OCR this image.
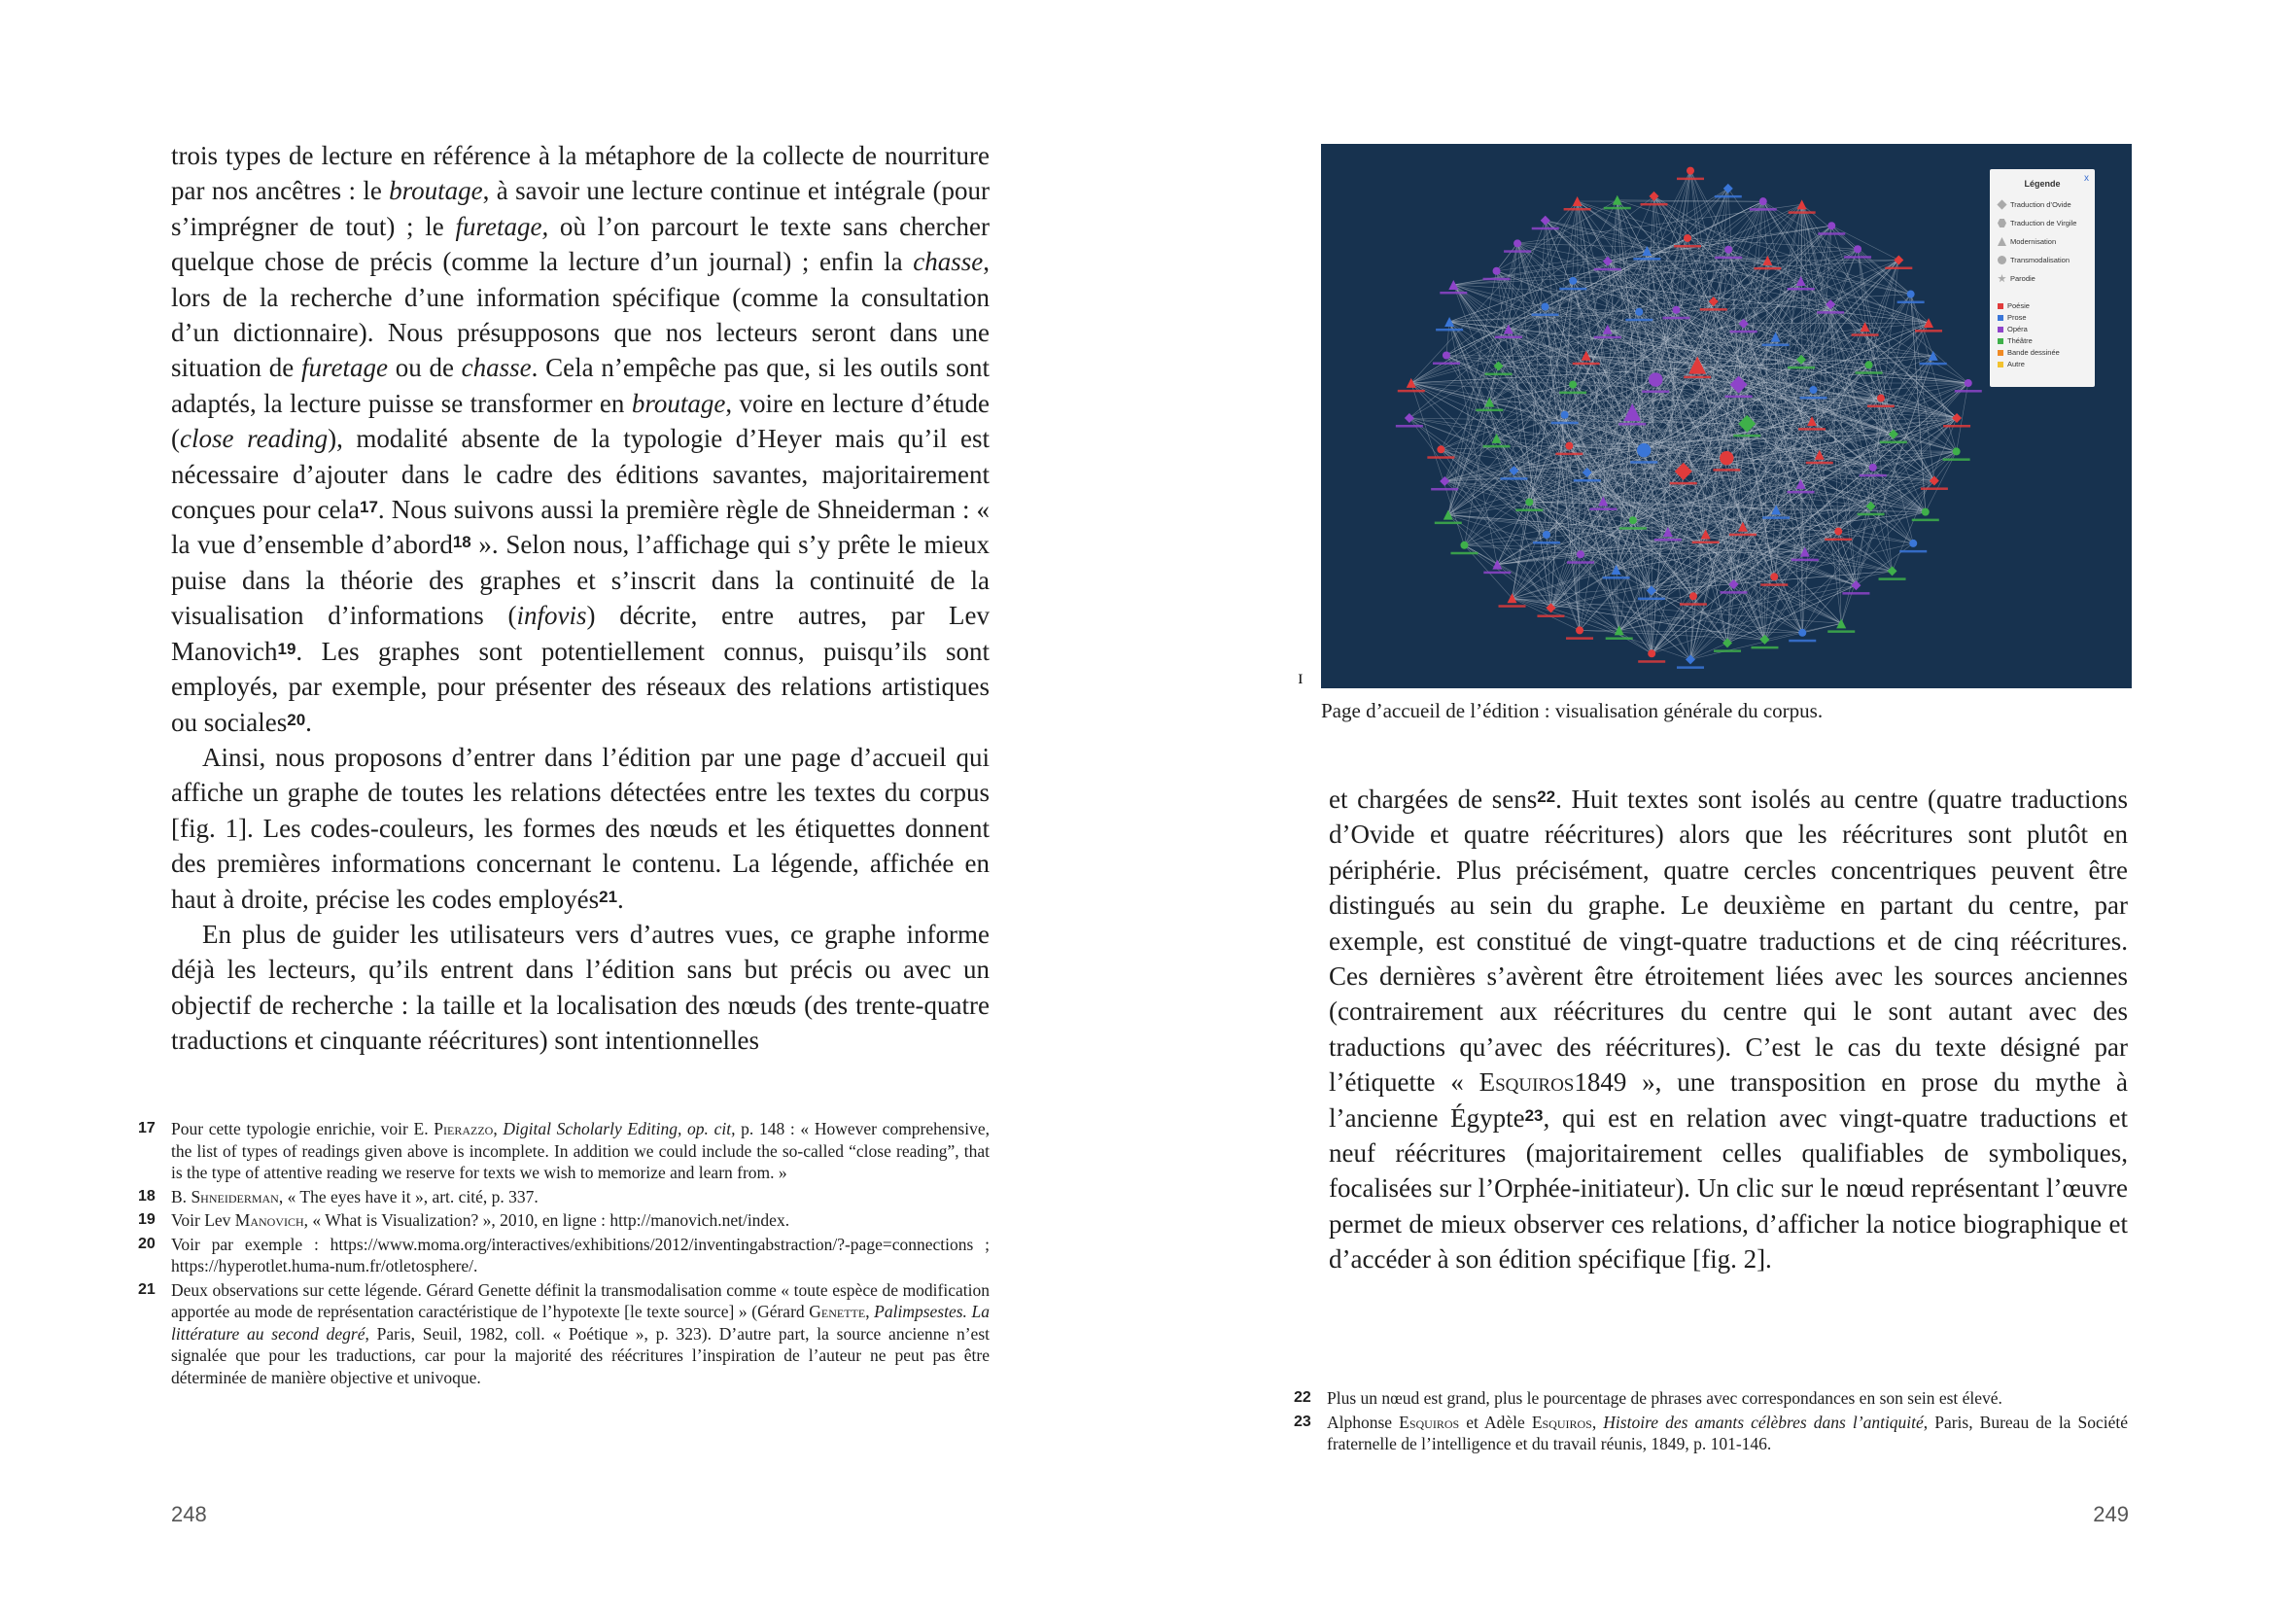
trois types de lecture en référence à la métaphore de la collecte de nourriture par nos ancêtres : le broutage, à savoir une lecture continue et intégrale (pour s’imprégner de tout) ; le furetage, où l’on parcourt le texte sans chercher quelque chose de précis (comme la lecture d’un journal) ; enfin la chasse, lors de la recherche d’une information spécifique (comme la consultation d’un dictionnaire). Nous présupposons que nos lecteurs seront dans une situation de furetage ou de chasse. Cela n’empêche pas que, si les outils sont adaptés, la lecture puisse se transformer en broutage, voire en lecture d’étude (close reading), modalité absente de la typologie d’Heyer mais qu’il est nécessaire d’ajouter dans le cadre des éditions savantes, majoritairement conçues pour cela$^{17}$. Nous suivons aussi la première règle de Shneiderman : « la vue d’ensemble d’abord$^{18}$ ». Selon nous, l’affichage qui s’y prête le mieux puise dans la théorie des graphes et s’inscrit dans la continuité de la visualisation d’informations (infovis) décrite, entre autres, par Lev Manovich$^{19}$. Les graphes sont potentiellement connus, puisqu’ils sont employés, par exemple, pour présenter des réseaux des relations artistiques ou sociales$^{20}$.

Ainsi, nous proposons d’entrer dans l’édition par une page d’accueil qui affiche un graphe de toutes les relations détectées entre les textes du corpus [fig. 1]. Les codes-couleurs, les formes des nœuds et les étiquettes donnent des premières informations concernant le contenu. La légende, affichée en haut à droite, précise les codes employés$^{21}$.

En plus de guider les utilisateurs vers d’autres vues, ce graphe informe déjà les lecteurs, qu’ils entrent dans l’édition sans but précis ou avec un objectif de recherche : la taille et la localisation des nœuds (des trente-quatre traductions et cinquante réécritures) sont intentionnelles

17 Pour cette typologie enrichie, voir E. Pierazzo, Digital Scholarly Editing, op. cit, p. 148 : « However comprehensive, the list of types of readings given above is incomplete. In addition we could include the so-called “close reading”, that is the type of attentive reading we reserve for texts we wish to memorize and learn from. »
18 B. Shneiderman, « The eyes have it », art. cité, p. 337.
19 Voir Lev Manovich, « What is Visualization? », 2010, en ligne : http://manovich.net/index.
20 Voir par exemple : https://www.moma.org/interactives/exhibitions/2012/inventingabstraction/?-page=connections ; https://hyperotlet.huma-num.fr/otletosphere/.
21 Deux observations sur cette légende. Gérard Genette définit la transmodalisation comme « toute espèce de modification apportée au mode de représentation caractéristique de l’hypotexte [le texte source] » (Gérard Genette, Palimpsestes. La littérature au second degré, Paris, Seuil, 1982, coll. « Poétique », p. 323). D’autre part, la source ancienne n’est signalée que pour les traductions, car pour la majorité des réécritures l’inspiration de l’auteur ne peut pas être déterminée de manière objective et univoque.
248
Légende	x
Traduction d’Ovide
Traduction de Virgile
Modernisation
Transmodalisation
Parodie
Poésie
Prose
Opéra
Théâtre
Bande dessinée
Autre
ɪ
Page d’accueil de l’édition : visualisation générale du corpus.

et chargées de sens$^{22}$. Huit textes sont isolés au centre (quatre traductions d’Ovide et quatre réécritures) alors que les réécritures sont plutôt en périphérie. Plus précisément, quatre cercles concentriques peuvent être distingués au sein du graphe. Le deuxième en partant du centre, par exemple, est constitué de vingt-quatre traductions et de cinq réécritures. Ces dernières s’avèrent être étroitement liées avec les sources anciennes (contrairement aux réécritures du centre qui le sont autant avec des traductions qu’avec des réécritures). C’est le cas du texte désigné par l’étiquette « Esquiros1849 », une transposition en prose du mythe à l’ancienne Égypte$^{23}$, qui est en relation avec vingt-quatre traductions et neuf réécritures (majoritairement celles qualifiables de symboliques, focalisées sur l’Orphée-initiateur). Un clic sur le nœud représentant l’œuvre permet de mieux observer ces relations, d’afficher la notice biographique et d’accéder à son édition spécifique [fig. 2].

22 Plus un nœud est grand, plus le pourcentage de phrases avec correspondances en son sein est élevé.
23 Alphonse Esquiros et Adèle Esquiros, Histoire des amants célèbres dans l’antiquité, Paris, Bureau de la Société fraternelle de l’intelligence et du travail réunis, 1849, p. 101-146.
249
